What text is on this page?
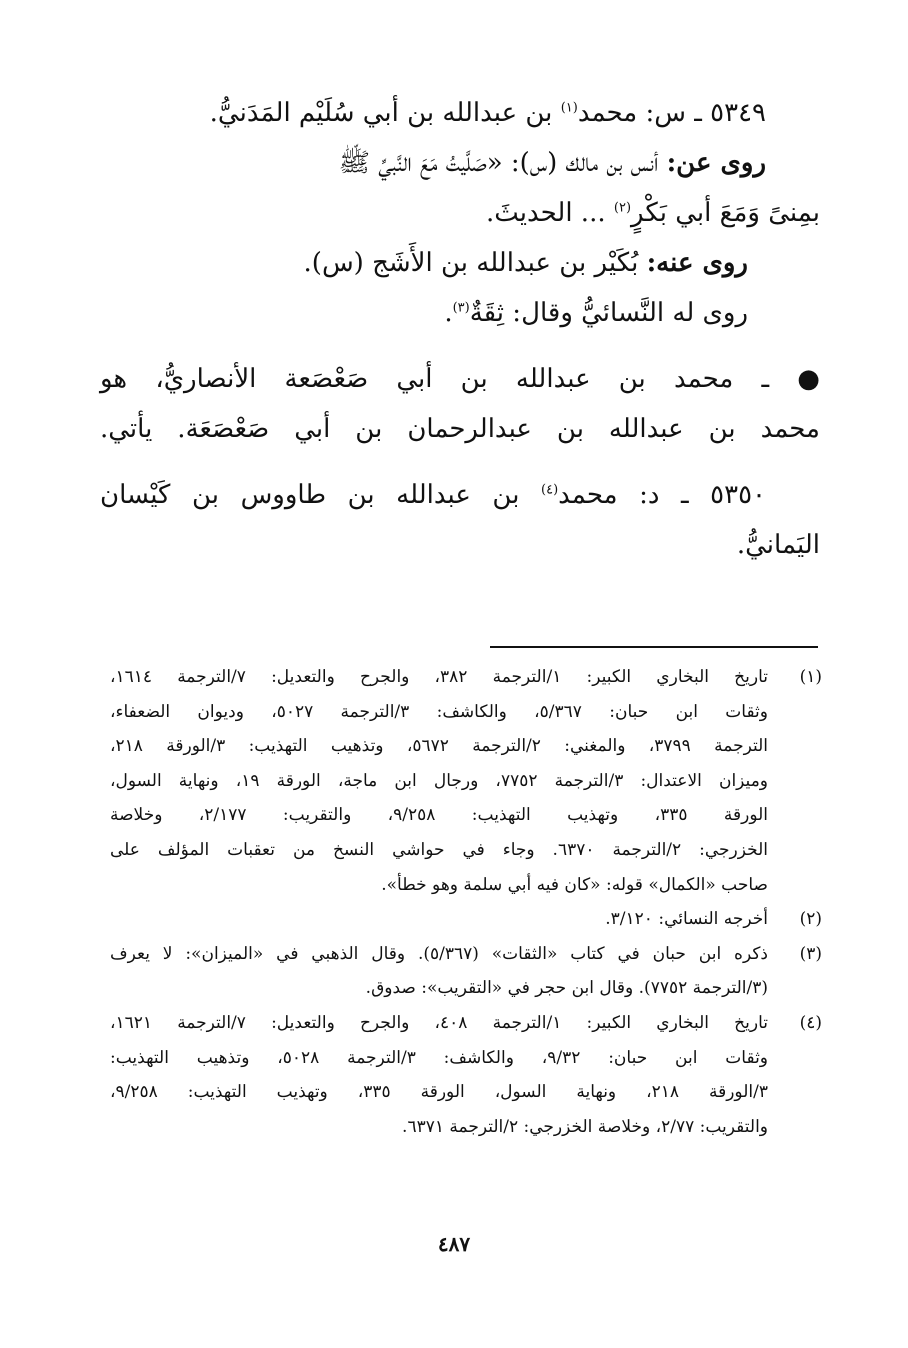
٥٣٤٩ ـ س: محمد$^{(١)}$ بن عبدالله بن أبي سُلَيْم المَدَنيُّ.
روى عن: أنس بن مالك (س): «صَلَّيتُ مَعَ النَّبيِّ ﷺ
بمِنىً وَمَعَ أبي بَكْرٍ$^{(٢)}$ ... الحديثَ.
روى عنه: بُكَيْر بن عبدالله بن الأَشَج (س).
روى له النَّسائيُّ وقال: ثِقَةٌ$^{(٣)}$.
● ـ محمد بن عبدالله بن أبي صَعْصَعة الأنصاريُّ، هو
محمد بن عبدالله بن عبدالرحمان بن أبي صَعْصَعَة. يأتي.
٥٣٥٠ ـ د: محمد$^{(٤)}$ بن عبدالله بن طاووس بن كَيْسان
اليَمانيُّ.
(١)
تاريخ البخاري الكبير: ١/الترجمة ٣٨٢، والجرح والتعديل: ٧/الترجمة ١٦١٤،
وثقات ابن حبان: ٥/٣٦٧، والكاشف: ٣/الترجمة ٥٠٢٧، وديوان الضعفاء،
الترجمة ٣٧٩٩، والمغني: ٢/الترجمة ٥٦٧٢، وتذهيب التهذيب: ٣/الورقة ٢١٨،
وميزان الاعتدال: ٣/الترجمة ٧٧٥٢، ورجال ابن ماجة، الورقة ١٩، ونهاية السول،
الورقة ٣٣٥، وتهذيب التهذيب: ٩/٢٥٨، والتقريب: ٢/١٧٧، وخلاصة
الخزرجي: ٢/الترجمة ٦٣٧٠. وجاء في حواشي النسخ من تعقبات المؤلف على
صاحب «الكمال» قوله: «كان فيه أبي سلمة وهو خطأ».
(٢)
أخرجه النسائي: ٣/١٢٠.
(٣)
ذكره ابن حبان في كتاب «الثقات» (٥/٣٦٧). وقال الذهبي في «الميزان»: لا يعرف
(٣/الترجمة ٧٧٥٢). وقال ابن حجر في «التقريب»: صدوق.
(٤)
تاريخ البخاري الكبير: ١/الترجمة ٤٠٨، والجرح والتعديل: ٧/الترجمة ١٦٢١،
وثقات ابن حبان: ٩/٣٢، والكاشف: ٣/الترجمة ٥٠٢٨، وتذهيب التهذيب:
٣/الورقة ٢١٨، ونهاية السول، الورقة ٣٣٥، وتهذيب التهذيب: ٩/٢٥٨،
والتقريب: ٢/٧٧، وخلاصة الخزرجي: ٢/الترجمة ٦٣٧١.
٤٨٧
